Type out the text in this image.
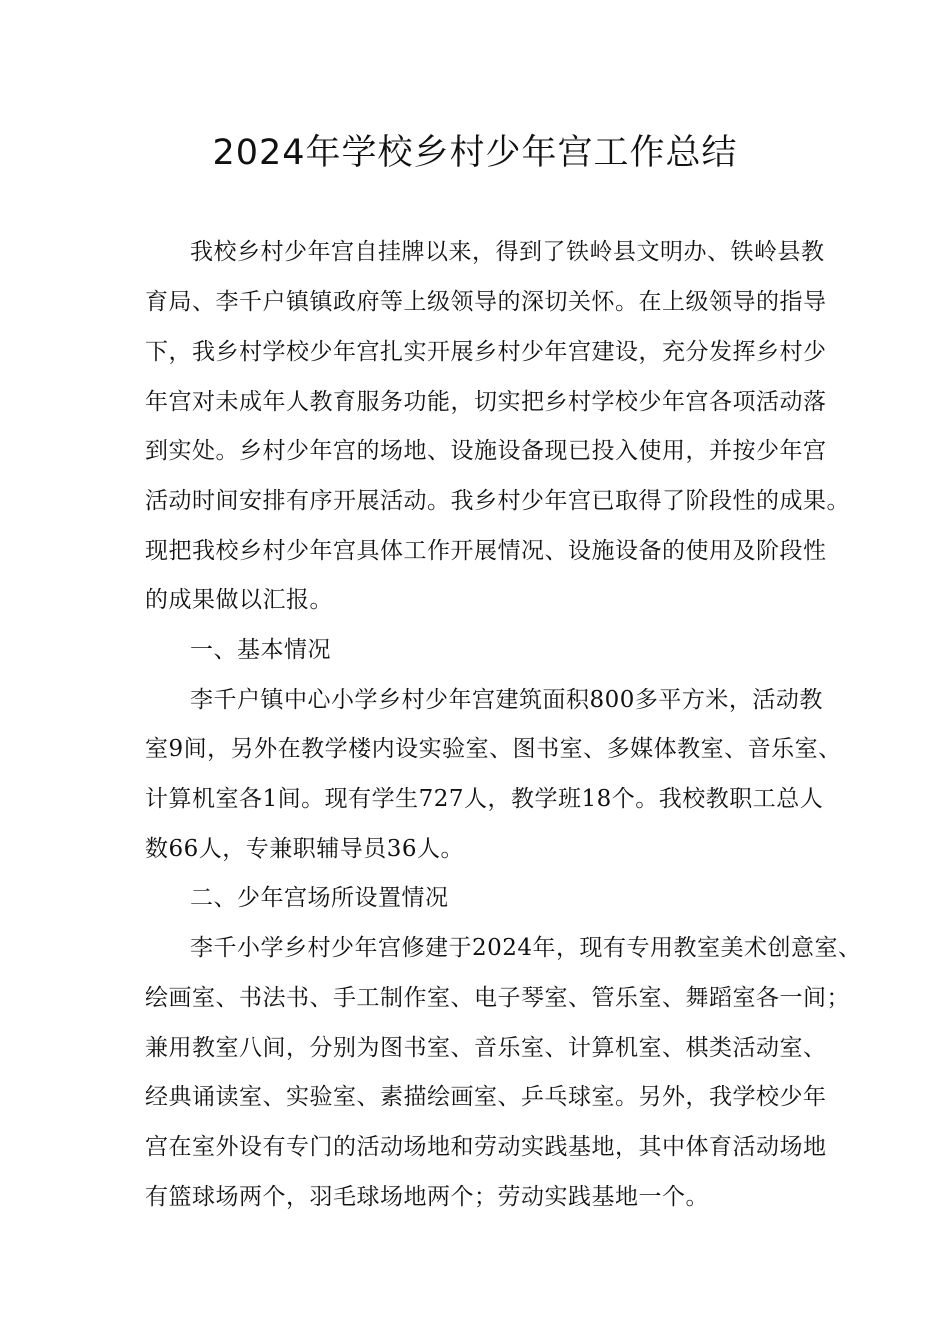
2024年学校乡村少年宫工作总结

我校乡村少年宫自挂牌以来，得到了铁岭县文明办、铁岭县教

育局、李千户镇镇政府等上级领导的深切关怀。在上级领导的指导

下，我乡村学校少年宫扎实开展乡村少年宫建设，充分发挥乡村少

年宫对未成年人教育服务功能，切实把乡村学校少年宫各项活动落

到实处。乡村少年宫的场地、设施设备现已投入使用，并按少年宫

活动时间安排有序开展活动。我乡村少年宫已取得了阶段性的成果。

现把我校乡村少年宫具体工作开展情况、设施设备的使用及阶段性

的成果做以汇报。

一、基本情况

李千户镇中心小学乡村少年宫建筑面积800多平方米，活动教

室9间，另外在教学楼内设实验室、图书室、多媒体教室、音乐室、

计算机室各1间。现有学生727人，教学班18个。我校教职工总人

数66人，专兼职辅导员36人。

二、少年宫场所设置情况

李千小学乡村少年宫修建于2024年，现有专用教室美术创意室、

绘画室、书法书、手工制作室、电子琴室、管乐室、舞蹈室各一间；

兼用教室八间，分别为图书室、音乐室、计算机室、棋类活动室、

经典诵读室、实验室、素描绘画室、乒乓球室。另外，我学校少年

宫在室外设有专门的活动场地和劳动实践基地，其中体育活动场地

有篮球场两个，羽毛球场地两个；劳动实践基地一个。
